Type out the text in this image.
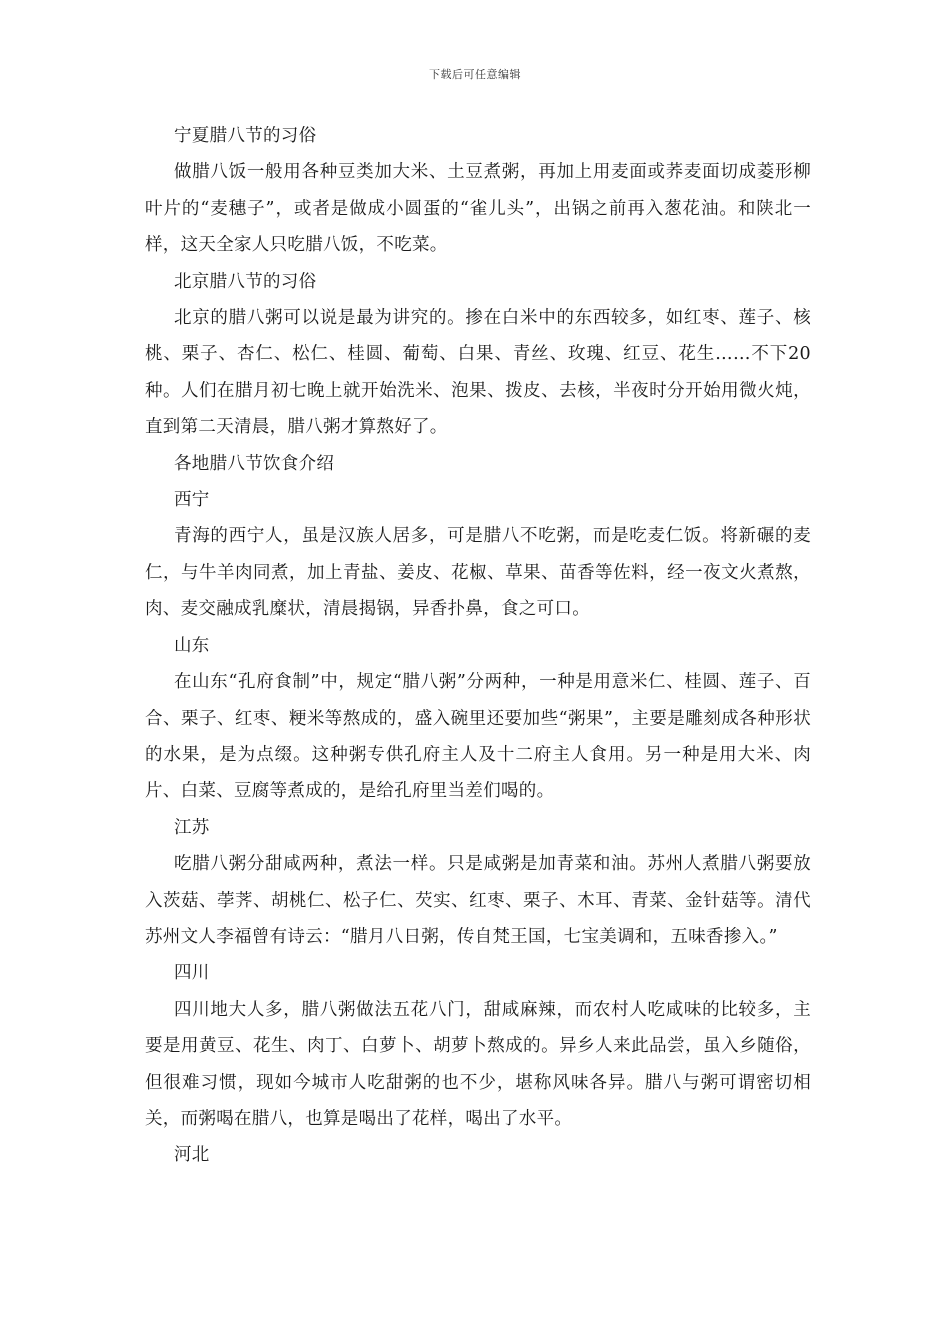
下载后可任意编辑

宁夏腊八节的习俗

做腊八饭一般用各种豆类加大米、土豆煮粥，再加上用麦面或荞麦面切成菱形柳叶片的“麦穗子”，或者是做成小圆蛋的“雀儿头”，出锅之前再入葱花油。和陕北一样，这天全家人只吃腊八饭，不吃菜。

北京腊八节的习俗

北京的腊八粥可以说是最为讲究的。掺在白米中的东西较多，如红枣、莲子、核桃、栗子、杏仁、松仁、桂圆、葡萄、白果、青丝、玫瑰、红豆、花生……不下20种。人们在腊月初七晚上就开始洗米、泡果、拨皮、去核，半夜时分开始用微火炖，直到第二天清晨，腊八粥才算熬好了。

各地腊八节饮食介绍

西宁

青海的西宁人，虽是汉族人居多，可是腊八不吃粥，而是吃麦仁饭。将新碾的麦仁，与牛羊肉同煮，加上青盐、姜皮、花椒、草果、苗香等佐料，经一夜文火煮熬，肉、麦交融成乳糜状，清晨揭锅，异香扑鼻，食之可口。

山东

在山东“孔府食制”中，规定“腊八粥”分两种，一种是用意米仁、桂圆、莲子、百合、栗子、红枣、粳米等熬成的，盛入碗里还要加些“粥果”，主要是雕刻成各种形状的水果，是为点缀。这种粥专供孔府主人及十二府主人食用。另一种是用大米、肉片、白菜、豆腐等煮成的，是给孔府里当差们喝的。

江苏

吃腊八粥分甜咸两种，煮法一样。只是咸粥是加青菜和油。苏州人煮腊八粥要放入茨菇、荸荠、胡桃仁、松子仁、芡实、红枣、栗子、木耳、青菜、金针菇等。清代苏州文人李福曾有诗云：“腊月八日粥，传自梵王国，七宝美调和，五味香掺入。”

四川

四川地大人多，腊八粥做法五花八门，甜咸麻辣，而农村人吃咸味的比较多，主要是用黄豆、花生、肉丁、白萝卜、胡萝卜熬成的。异乡人来此品尝，虽入乡随俗，但很难习惯，现如今城市人吃甜粥的也不少，堪称风味各异。腊八与粥可谓密切相关，而粥喝在腊八，也算是喝出了花样，喝出了水平。

河北
